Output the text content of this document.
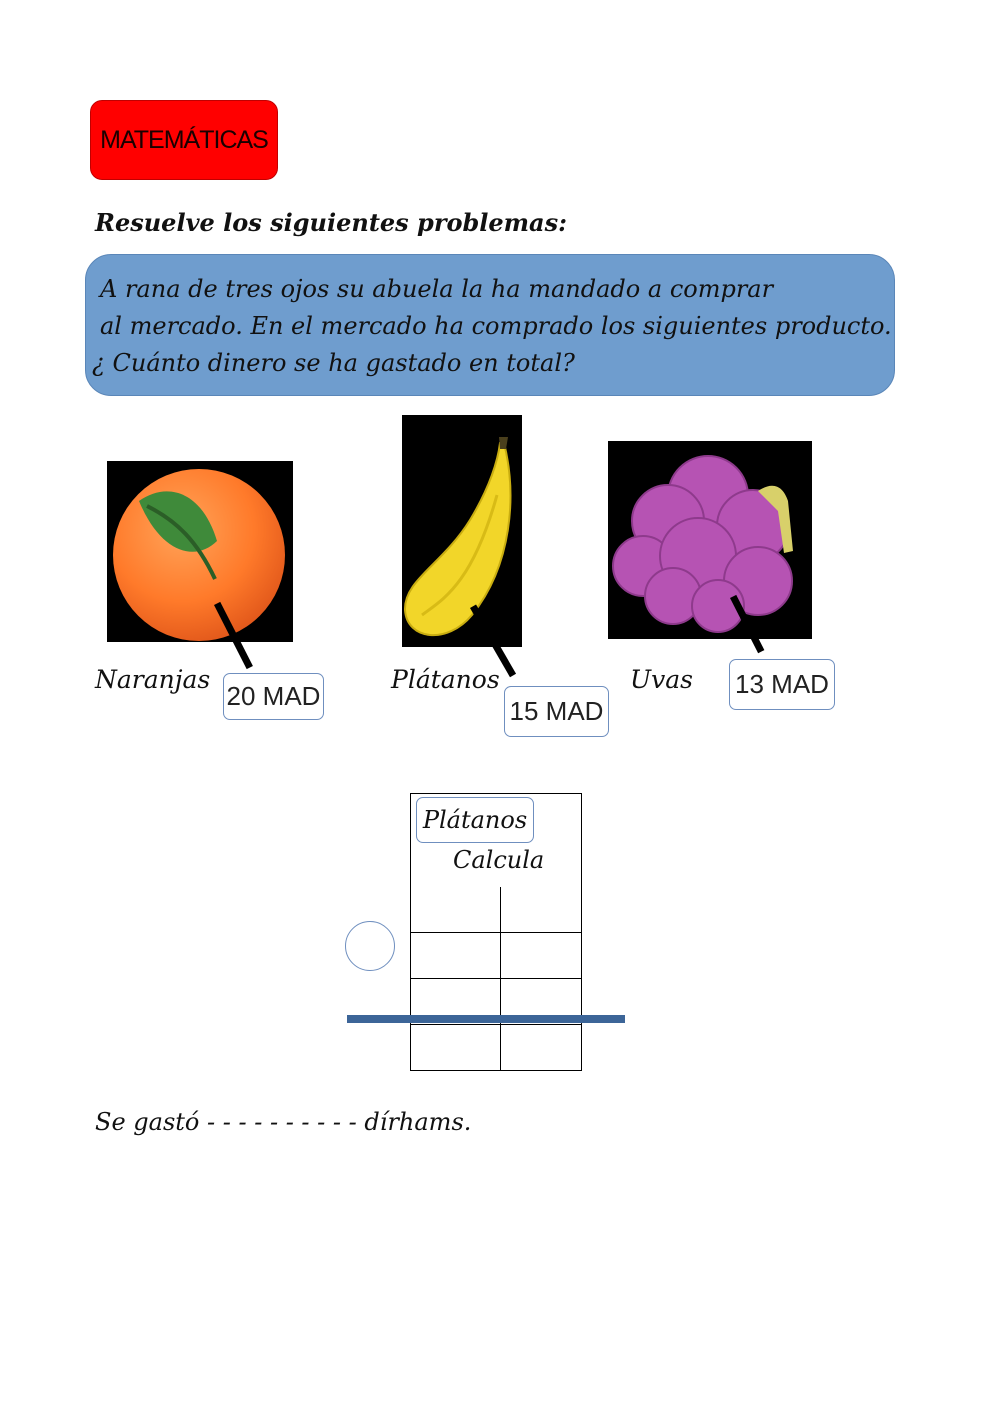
MATEMÁTICAS
Resuelve los siguientes problemas:
A rana de tres ojos su abuela la ha mandado a comprar
al mercado. En el mercado ha comprado los siguientes producto.
¿ Cuánto dinero se ha gastado en total?
Naranjas
20 MAD
Plátanos
15 MAD
Uvas 13 MAD
Plátanos
Calcula
Se gastó - - - - - - - - - - dírhams.
